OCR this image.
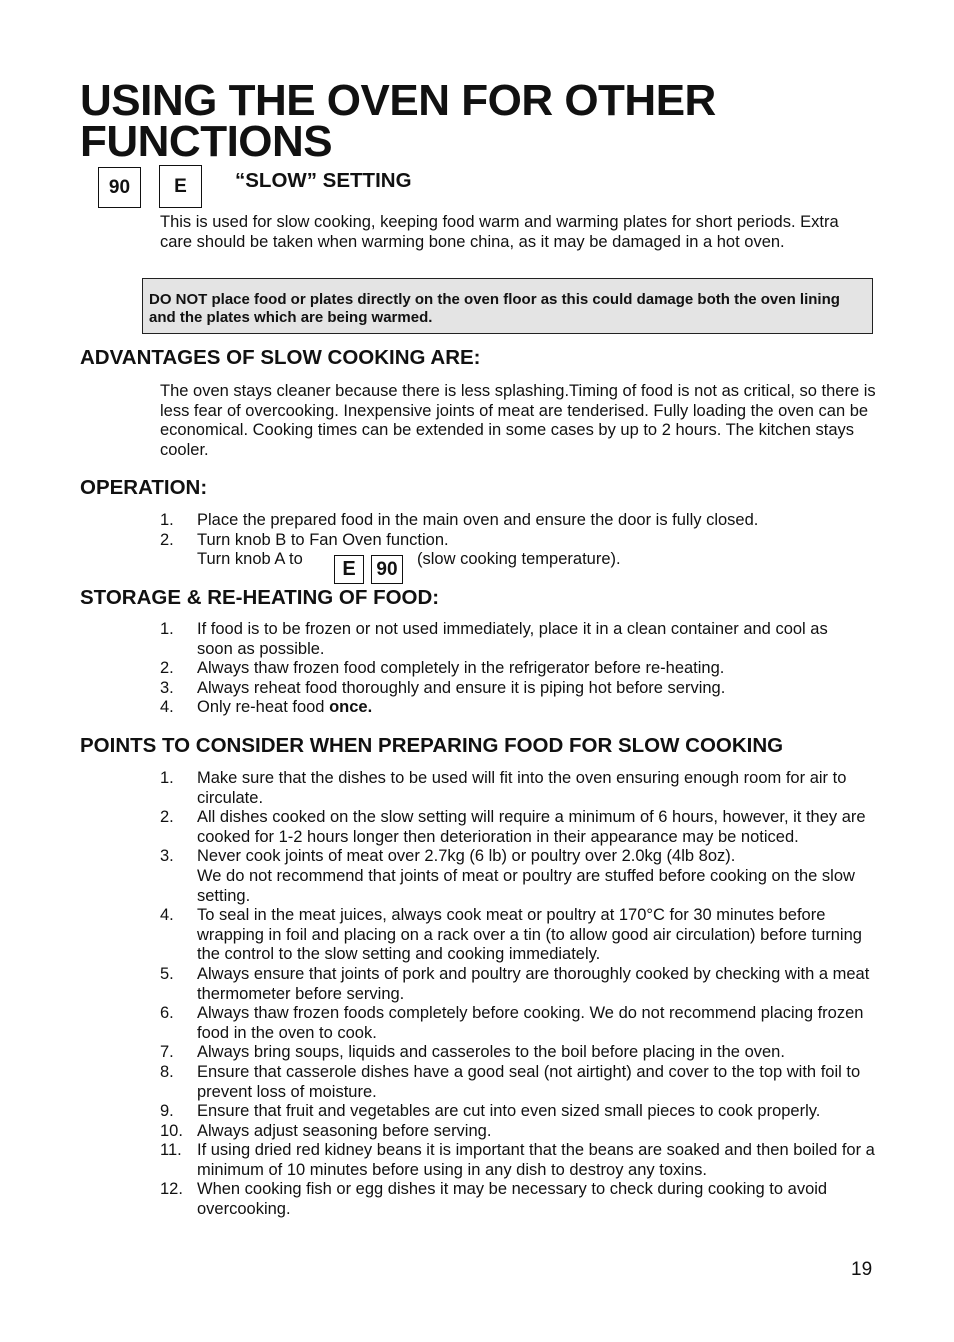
USING THE OVEN FOR OTHER
FUNCTIONS
90	E	“SLOW” SETTING

This is used for slow cooking, keeping food warm and warming plates for short periods. Extra care should be taken when warming bone china, as it may be damaged in a hot oven.

DO NOT place food or plates directly on the oven floor as this could damage both the oven lining and the plates which are being warmed.
ADVANTAGES OF SLOW COOKING ARE:

The oven stays cleaner because there is less splashing.Timing of food is not as critical, so there is less fear of overcooking. Inexpensive joints of meat are tenderised. Fully loading the oven can be economical. Cooking times can be extended in some cases by up to 2 hours. The kitchen stays cooler.

OPERATION:
1. Place the prepared food in the main oven and ensure the door is fully closed.
2. Turn knob B to Fan Oven function.
Turn knob A to	E	90	(slow cooking temperature).
STORAGE & RE-HEATING OF FOOD:
1. If food is to be frozen or not used immediately, place it in a clean container and cool as soon as possible.
2. Always thaw frozen food completely in the refrigerator before re-heating.
3. Always reheat food thoroughly and ensure it is piping hot before serving.
4. Only re-heat food once.
POINTS TO CONSIDER WHEN PREPARING FOOD FOR SLOW COOKING
1. Make sure that the dishes to be used will fit into the oven ensuring enough room for air to circulate.
2. All dishes cooked on the slow setting will require a minimum of 6 hours, however, it they are cooked for 1-2 hours longer then deterioration in their appearance may be noticed.
3. Never cook joints of meat over 2.7kg (6 lb) or poultry over 2.0kg (4lb 8oz).
We do not recommend that joints of meat or poultry are stuffed before cooking on the slow setting.
4. To seal in the meat juices, always cook meat or poultry at 170°C for 30 minutes before wrapping in foil and placing on a rack over a tin (to allow good air circulation) before turning the control to the slow setting and cooking immediately.
5. Always ensure that joints of pork and poultry are thoroughly cooked by checking with a meat thermometer before serving.
6. Always thaw frozen foods completely before cooking. We do not recommend placing frozen food in the oven to cook.
7. Always bring soups, liquids and casseroles to the boil before placing in the oven.
8. Ensure that casserole dishes have a good seal (not airtight) and cover to the top with foil to prevent loss of moisture.
9. Ensure that fruit and vegetables are cut into even sized small pieces to cook properly.
10. Always adjust seasoning before serving.
11. If using dried red kidney beans it is important that the beans are soaked and then boiled for a minimum of 10 minutes before using in any dish to destroy any toxins.
12. When cooking fish or egg dishes it may be necessary to check during cooking to avoid overcooking.
19
